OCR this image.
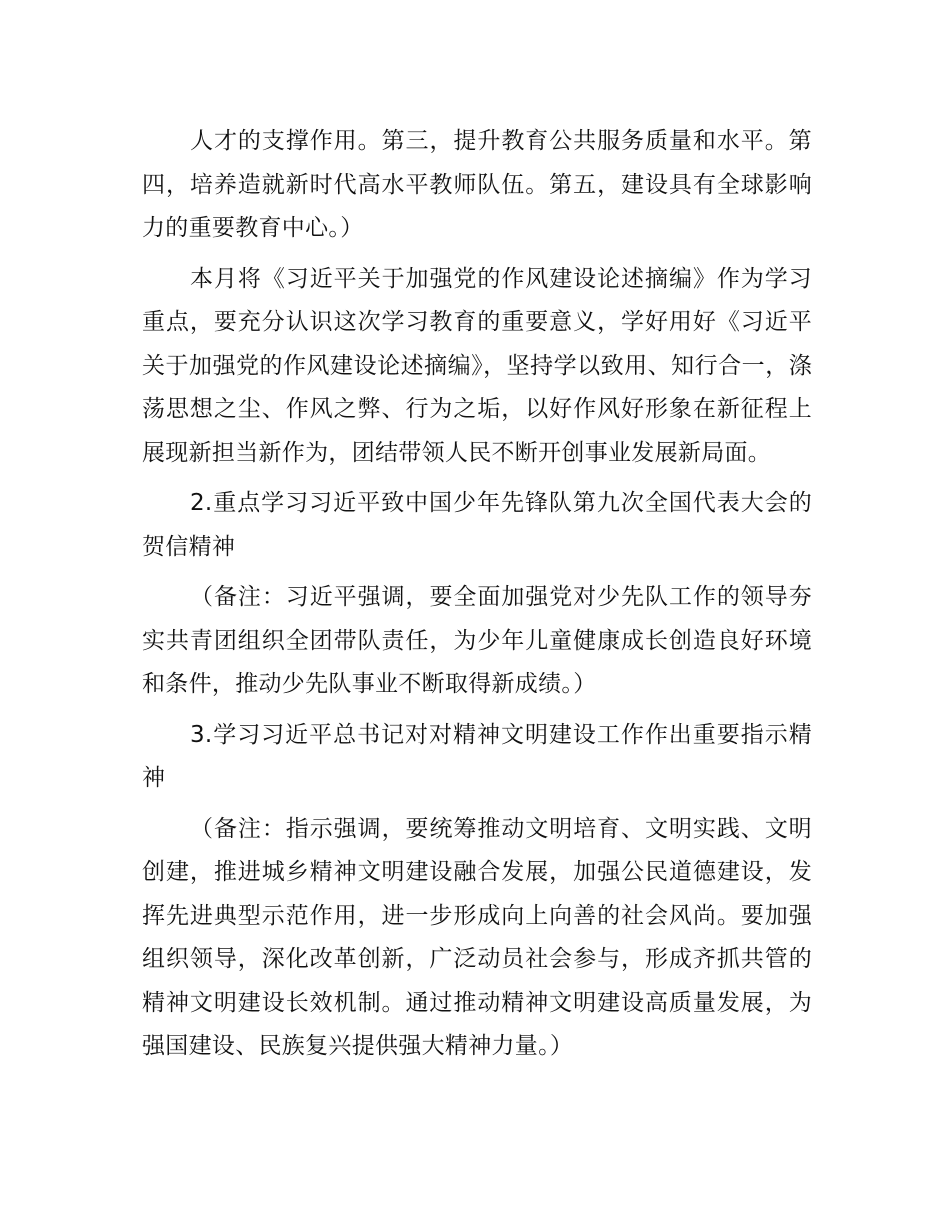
人才的支撑作用。第三，提升教育公共服务质量和水平。第四，培养造就新时代高水平教师队伍。第五，建设具有全球影响力的重要教育中心。）

本月将《习近平关于加强党的作风建设论述摘编》作为学习重点，要充分认识这次学习教育的重要意义，学好用好《习近平关于加强党的作风建设论述摘编》，坚持学以致用、知行合一，涤荡思想之尘、作风之弊、行为之垢，以好作风好形象在新征程上展现新担当新作为，团结带领人民不断开创事业发展新局面。

2.重点学习习近平致中国少年先锋队第九次全国代表大会的贺信精神

（备注：习近平强调，要全面加强党对少先队工作的领导夯实共青团组织全团带队责任，为少年儿童健康成长创造良好环境和条件，推动少先队事业不断取得新成绩。）

3.学习习近平总书记对对精神文明建设工作作出重要指示精神

（备注：指示强调，要统筹推动文明培育、文明实践、文明创建，推进城乡精神文明建设融合发展，加强公民道德建设，发挥先进典型示范作用，进一步形成向上向善的社会风尚。要加强组织领导，深化改革创新，广泛动员社会参与，形成齐抓共管的精神文明建设长效机制。通过推动精神文明建设高质量发展，为强国建设、民族复兴提供强大精神力量。）
